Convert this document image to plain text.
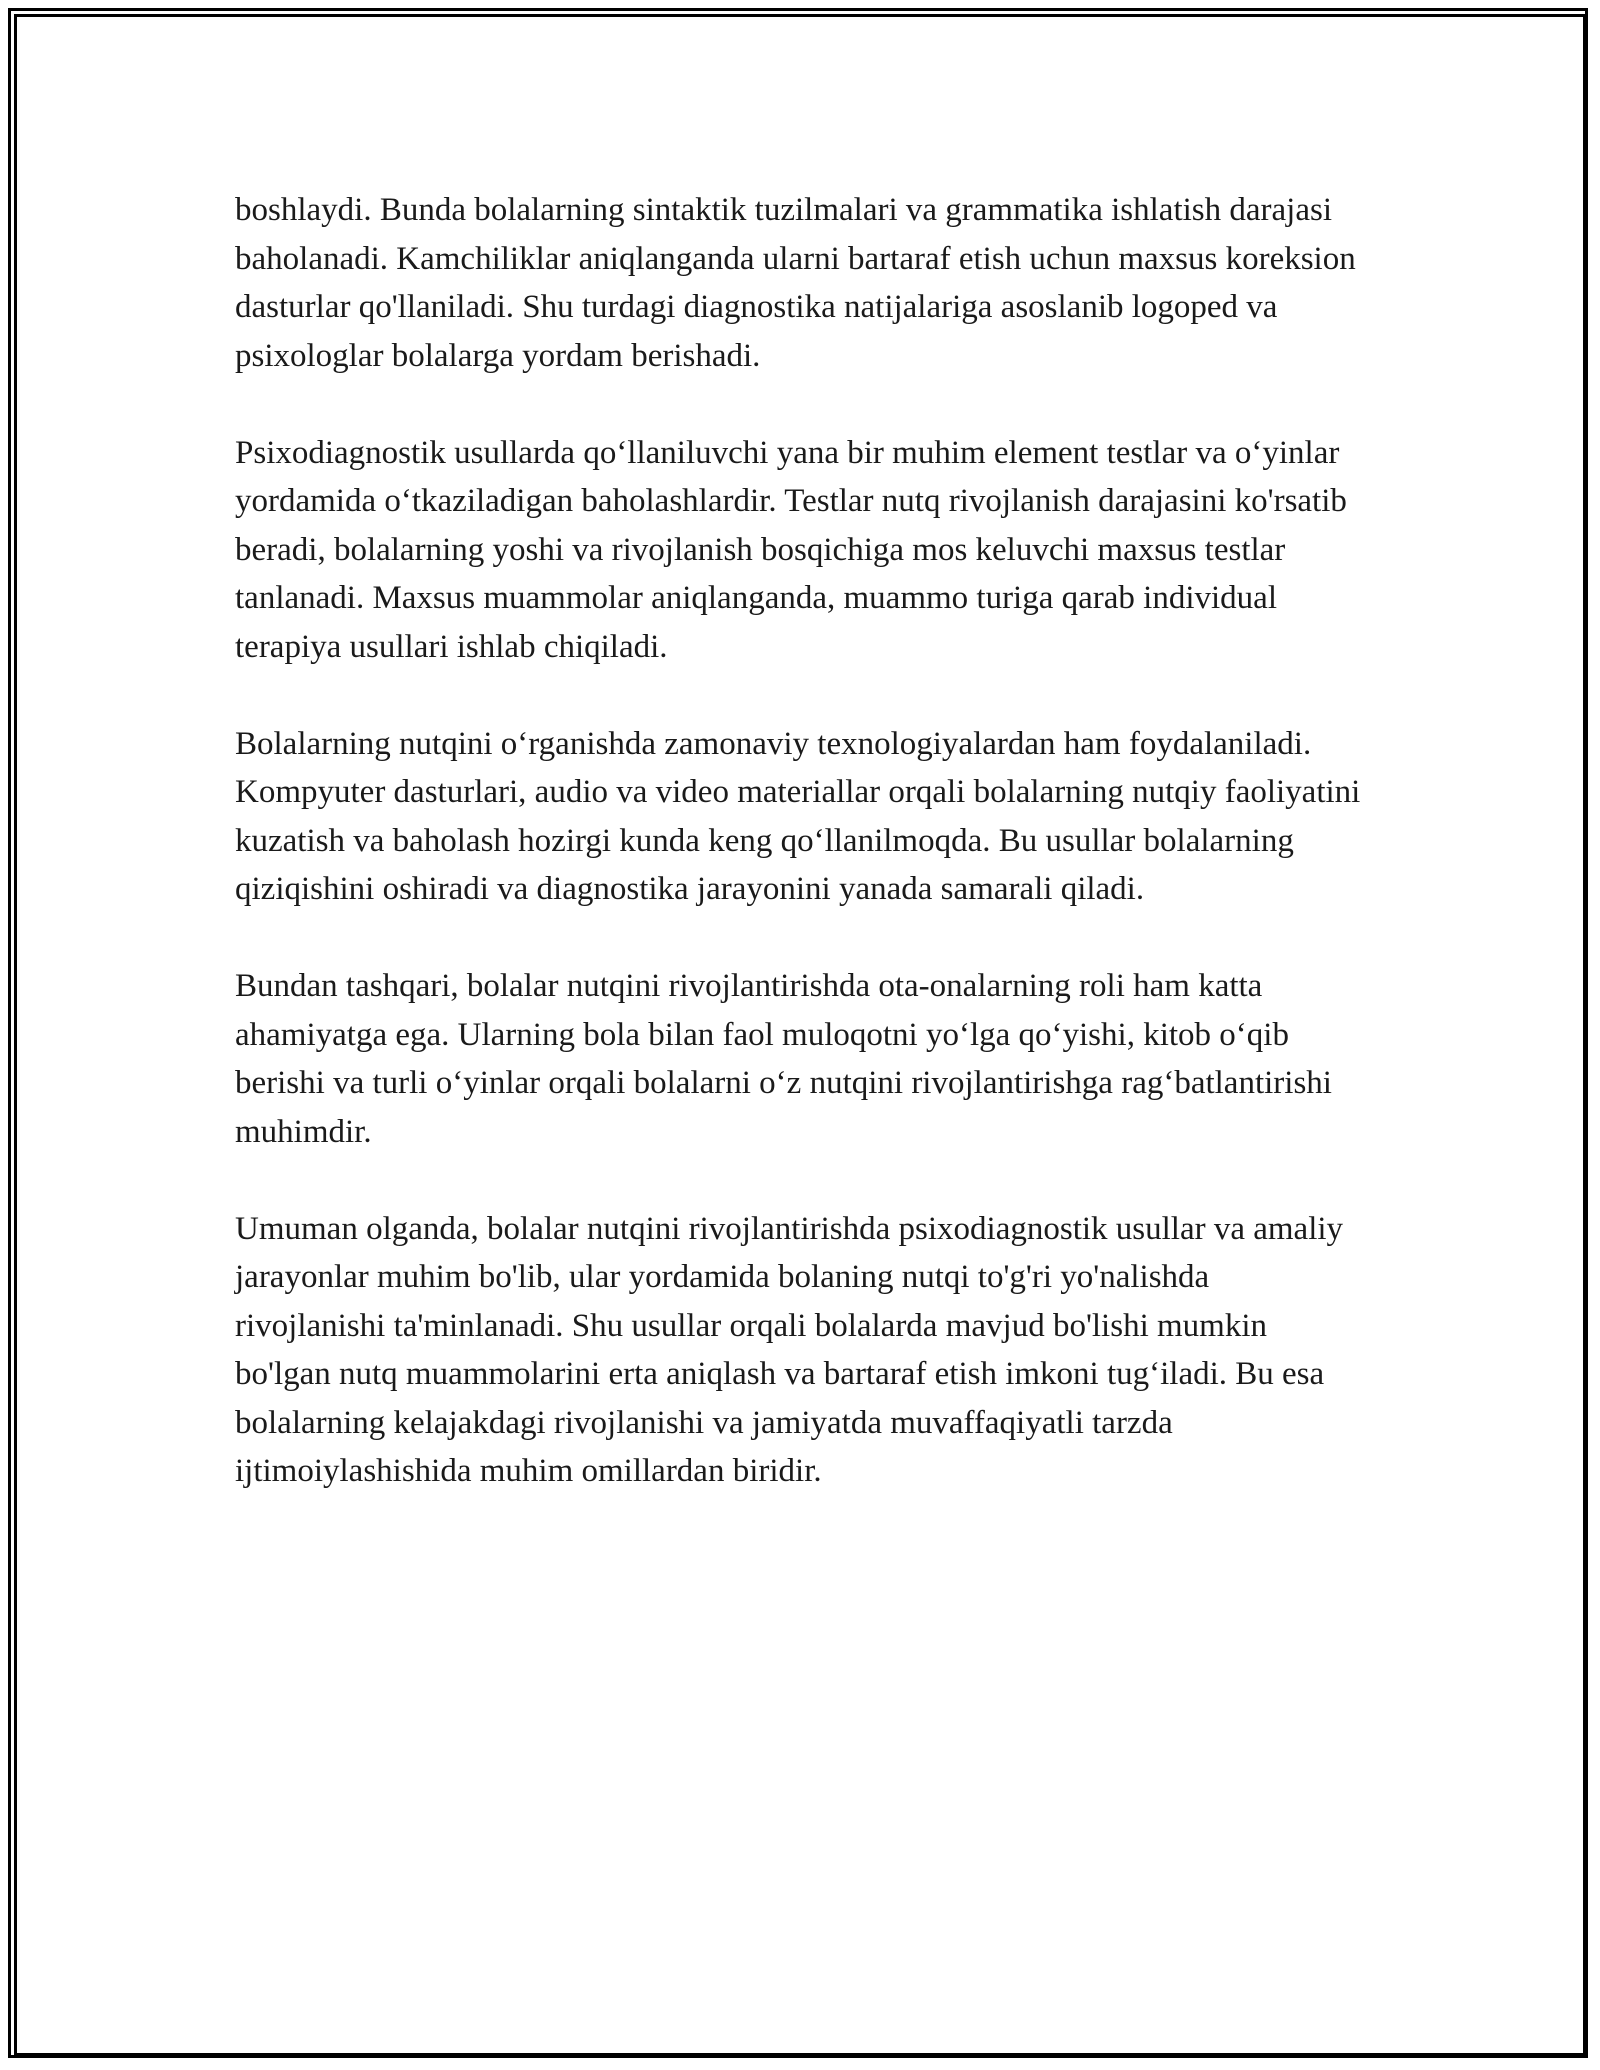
boshlaydi. Bunda bolalarning sintaktik tuzilmalari va grammatika ishlatish darajasi baholanadi. Kamchiliklar aniqlanganda ularni bartaraf etish uchun maxsus koreksion dasturlar qo'llaniladi. Shu turdagi diagnostika natijalariga asoslanib logoped va psixologlar bolalarga yordam berishadi.

Psixodiagnostik usullarda qo‘llaniluvchi yana bir muhim element testlar va o‘yinlar yordamida o‘tkaziladigan baholashlardir. Testlar nutq rivojlanish darajasini ko'rsatib beradi, bolalarning yoshi va rivojlanish bosqichiga mos keluvchi maxsus testlar tanlanadi. Maxsus muammolar aniqlanganda, muammo turiga qarab individual terapiya usullari ishlab chiqiladi.

Bolalarning nutqini o‘rganishda zamonaviy texnologiyalardan ham foydalaniladi. Kompyuter dasturlari, audio va video materiallar orqali bolalarning nutqiy faoliyatini kuzatish va baholash hozirgi kunda keng qo‘llanilmoqda. Bu usullar bolalarning qiziqishini oshiradi va diagnostika jarayonini yanada samarali qiladi.

Bundan tashqari, bolalar nutqini rivojlantirishda ota-onalarning roli ham katta ahamiyatga ega. Ularning bola bilan faol muloqotni yo‘lga qo‘yishi, kitob o‘qib berishi va turli o‘yinlar orqali bolalarni o‘z nutqini rivojlantirishga rag‘batlantirishi muhimdir.

Umuman olganda, bolalar nutqini rivojlantirishda psixodiagnostik usullar va amaliy jarayonlar muhim bo'lib, ular yordamida bolaning nutqi to'g'ri yo'nalishda rivojlanishi ta'minlanadi. Shu usullar orqali bolalarda mavjud bo'lishi mumkin bo'lgan nutq muammolarini erta aniqlash va bartaraf etish imkoni tug‘iladi. Bu esa bolalarning kelajakdagi rivojlanishi va jamiyatda muvaffaqiyatli tarzda ijtimoiylashishida muhim omillardan biridir.
